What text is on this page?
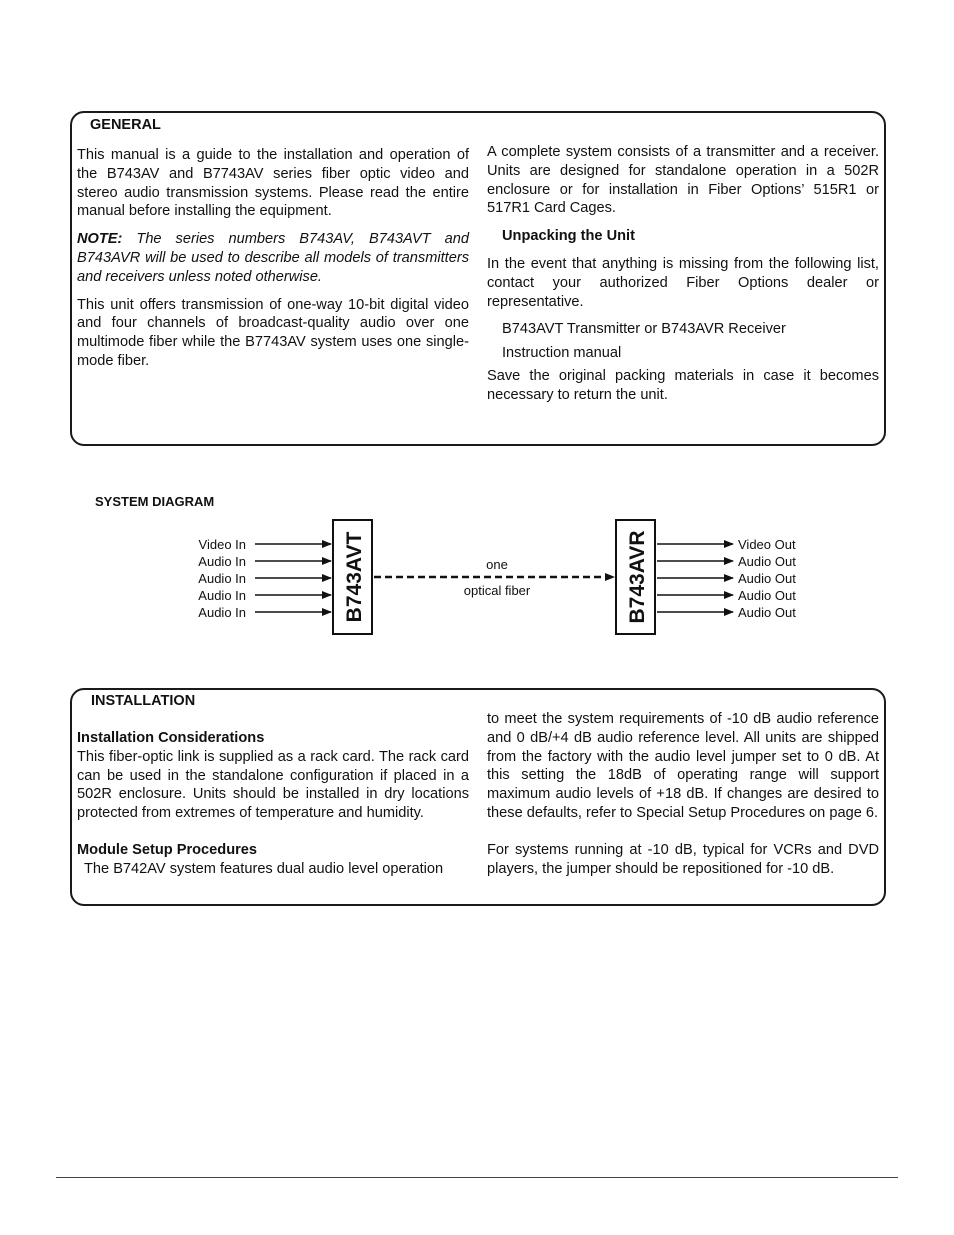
GENERAL

This manual is a guide to the installation and operation of the B743AV and B7743AV series fiber optic video and stereo audio transmission systems. Please read the entire manual before installing the equipment.

NOTE: The series numbers B743AV, B743AVT and B743AVR will be used to describe all models of transmitters and receivers unless noted otherwise.

This unit offers transmission of one-way 10-bit digital video and four channels of broadcast-quality audio over one multimode fiber while the B7743AV system uses one single-mode fiber.

A complete system consists of a transmitter and a receiver. Units are designed for standalone operation in a 502R enclosure or for installation in Fiber Options’ 515R1 or 517R1 Card Cages.

Unpacking the Unit

In the event that anything is missing from the following list, contact your authorized Fiber Options dealer or representative.

B743AVT Transmitter or B743AVR Receiver

Instruction manual

Save the original packing materials in case it becomes necessary to return the unit.

SYSTEM DIAGRAM
Video In
Audio In
Audio In
Audio In
Audio In	B743AVT	one
optical fiber	B743AVR	Video Out
Audio Out
Audio Out
Audio Out
Audio Out
INSTALLATION

Installation Considerations

This fiber-optic link is supplied as a rack card. The rack card can be used in the standalone configuration if placed in a 502R enclosure. Units should be installed in dry locations protected from extremes of temperature and humidity.

Module Setup Procedures

The B742AV system features dual audio level operation

to meet the system requirements of -10 dB audio reference and 0 dB/+4 dB audio reference level. All units are shipped from the factory with the audio level jumper set to 0 dB. At this setting the 18dB of operating range will support maximum audio levels of +18 dB. If changes are desired to these defaults, refer to Special Setup Procedures on page 6.

For systems running at -10 dB, typical for VCRs and DVD players, the jumper should be repositioned for -10 dB.
